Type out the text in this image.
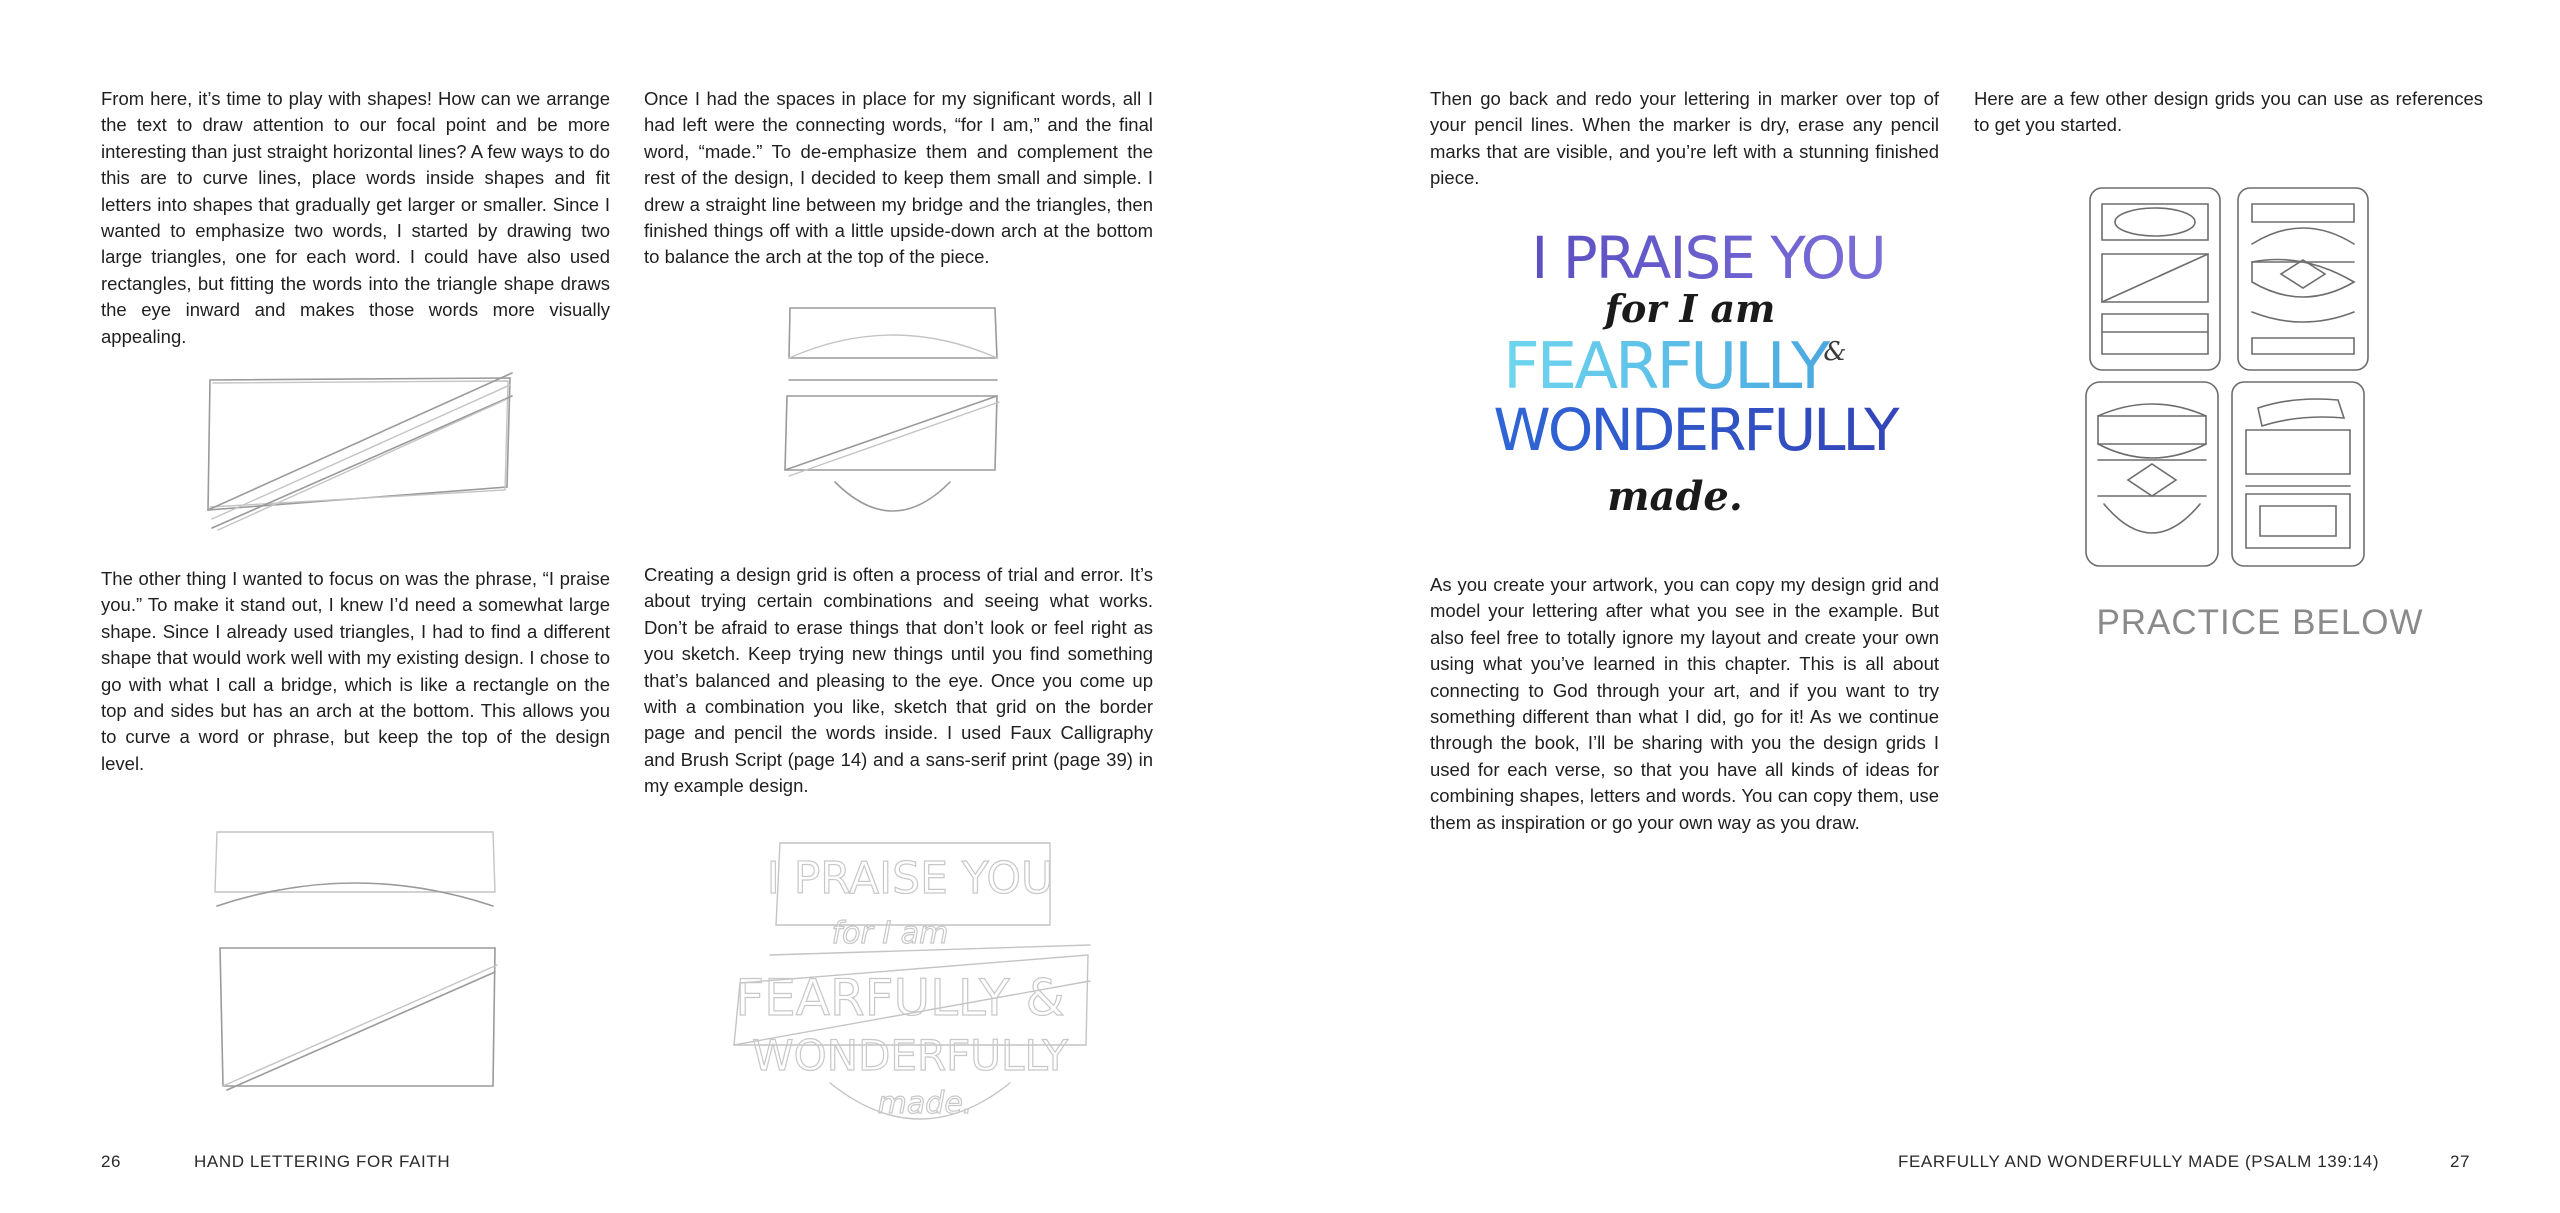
From here, it’s time to play with shapes! How can we arrange the text to draw attention to our focal point and be more interesting than just straight horizontal lines? A few ways to do this are to curve lines, place words inside shapes and fit letters into shapes that gradually get larger or smaller. Since I wanted to emphasize two words, I started by drawing two large triangles, one for each word. I could have also used rectangles, but fitting the words into the triangle shape draws the eye inward and makes those words more visually appealing.

Once I had the spaces in place for my significant words, all I had left were the connecting words, “for I am,” and the final word, “made.” To de-emphasize them and complement the rest of the design, I decided to keep them small and simple. I drew a straight line between my bridge and the triangles, then finished things off with a little upside-down arch at the bottom to balance the arch at the top of the piece.

The other thing I wanted to focus on was the phrase, “I praise you.” To make it stand out, I knew I’d need a somewhat large shape. Since I already used triangles, I had to find a different shape that would work well with my existing design. I chose to go with what I call a bridge, which is like a rectangle on the top and sides but has an arch at the bottom. This allows you to curve a word or phrase, but keep the top of the design level.

Creating a design grid is often a process of trial and error. It’s about trying certain combinations and seeing what works. Don’t be afraid to erase things that don’t look or feel right as you sketch. Keep trying new things until you find something that’s balanced and pleasing to the eye. Once you come up with a combination you like, sketch that grid on the border page and pencil the words inside. I used Faux Calligraphy and Brush Script (page 14) and a sans-serif print (page 39) in my example design.

I PRAISE YOU
for I am
FEARFULLY &
WONDERFULLY
made.
26	HAND LETTERING FOR FAITH

Then go back and redo your lettering in marker over top of your pencil lines. When the marker is dry, erase any pencil marks that are visible, and you’re left with a stunning finished piece.

Here are a few other design grids you can use as references to get you started.

I PRAISE YOU
for I am
FEARFULLY
&
WONDERFULLY
made.

As you create your artwork, you can copy my design grid and model your lettering after what you see in the example. But also feel free to totally ignore my layout and create your own using what you’ve learned in this chapter. This is all about connecting to God through your art, and if you want to try something different than what I did, go for it! As we continue through the book, I’ll be sharing with you the design grids I used for each verse, so that you have all kinds of ideas for combining shapes, letters and words. You can copy them, use them as inspiration or go your own way as you draw.

PRACTICE BELOW
FEARFULLY AND WONDERFULLY MADE (PSALM 139:14)	27
